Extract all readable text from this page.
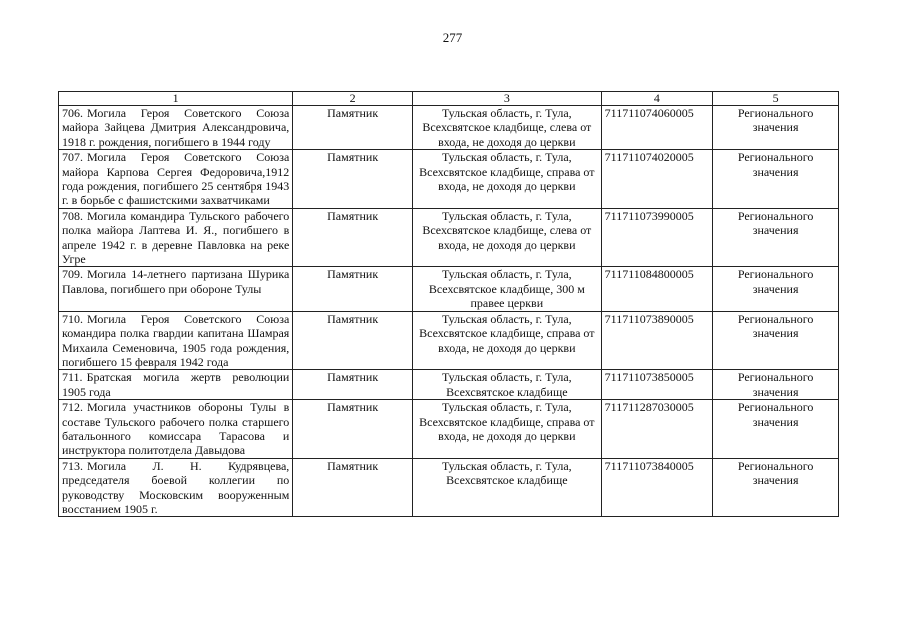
277
1	2	3	4	5
706. Могила Героя Советского Союза майора Зайцева Дмитрия Александровича, 1918 г. рождения, погибшего в 1944 году	Памятник	Тульская область, г. Тула, Всехсвятское кладбище, слева от входа, не доходя до церкви	711711074060005	Регионального значения
707. Могила Героя Советского Союза майора Карпова Сергея Федоровича,1912 года рождения, погибшего 25 сентября 1943 г. в борьбе с фашистскими захватчиками	Памятник	Тульская область, г. Тула, Всехсвятское кладбище, справа от входа, не доходя до церкви	711711074020005	Регионального значения
708. Могила командира Тульского рабочего полка майора Лаптева И. Я., погибшего в апреле 1942 г. в деревне Павловка на реке Угре	Памятник	Тульская область, г. Тула, Всехсвятское кладбище, слева от входа, не доходя до церкви	711711073990005	Регионального значения
709. Могила 14-летнего партизана Шурика Павлова, погибшего при обороне Тулы	Памятник	Тульская область, г. Тула, Всехсвятское кладбище, 300 м правее церкви	711711084800005	Регионального значения
710. Могила Героя Советского Союза командира полка гвардии капитана Шамрая Михаила Семеновича, 1905 года рождения, погибшего 15 февраля 1942 года	Памятник	Тульская область, г. Тула, Всехсвятское кладбище, справа от входа, не доходя до церкви	711711073890005	Регионального значения
711. Братская могила жертв революции 1905 года	Памятник	Тульская область, г. Тула, Всехсвятское кладбище	711711073850005	Регионального значения
712. Могила участников обороны Тулы в составе Тульского рабочего полка старшего батальонного комиссара Тарасова и инструктора политотдела Давыдова	Памятник	Тульская область, г. Тула, Всехсвятское кладбище, справа от входа, не доходя до церкви	711711287030005	Регионального значения
713. Могила Л. Н. Кудрявцева, председателя боевой коллегии по руководству Московским вооруженным восстанием 1905 г.	Памятник	Тульская область, г. Тула, Всехсвятское кладбище	711711073840005	Регионального значения
